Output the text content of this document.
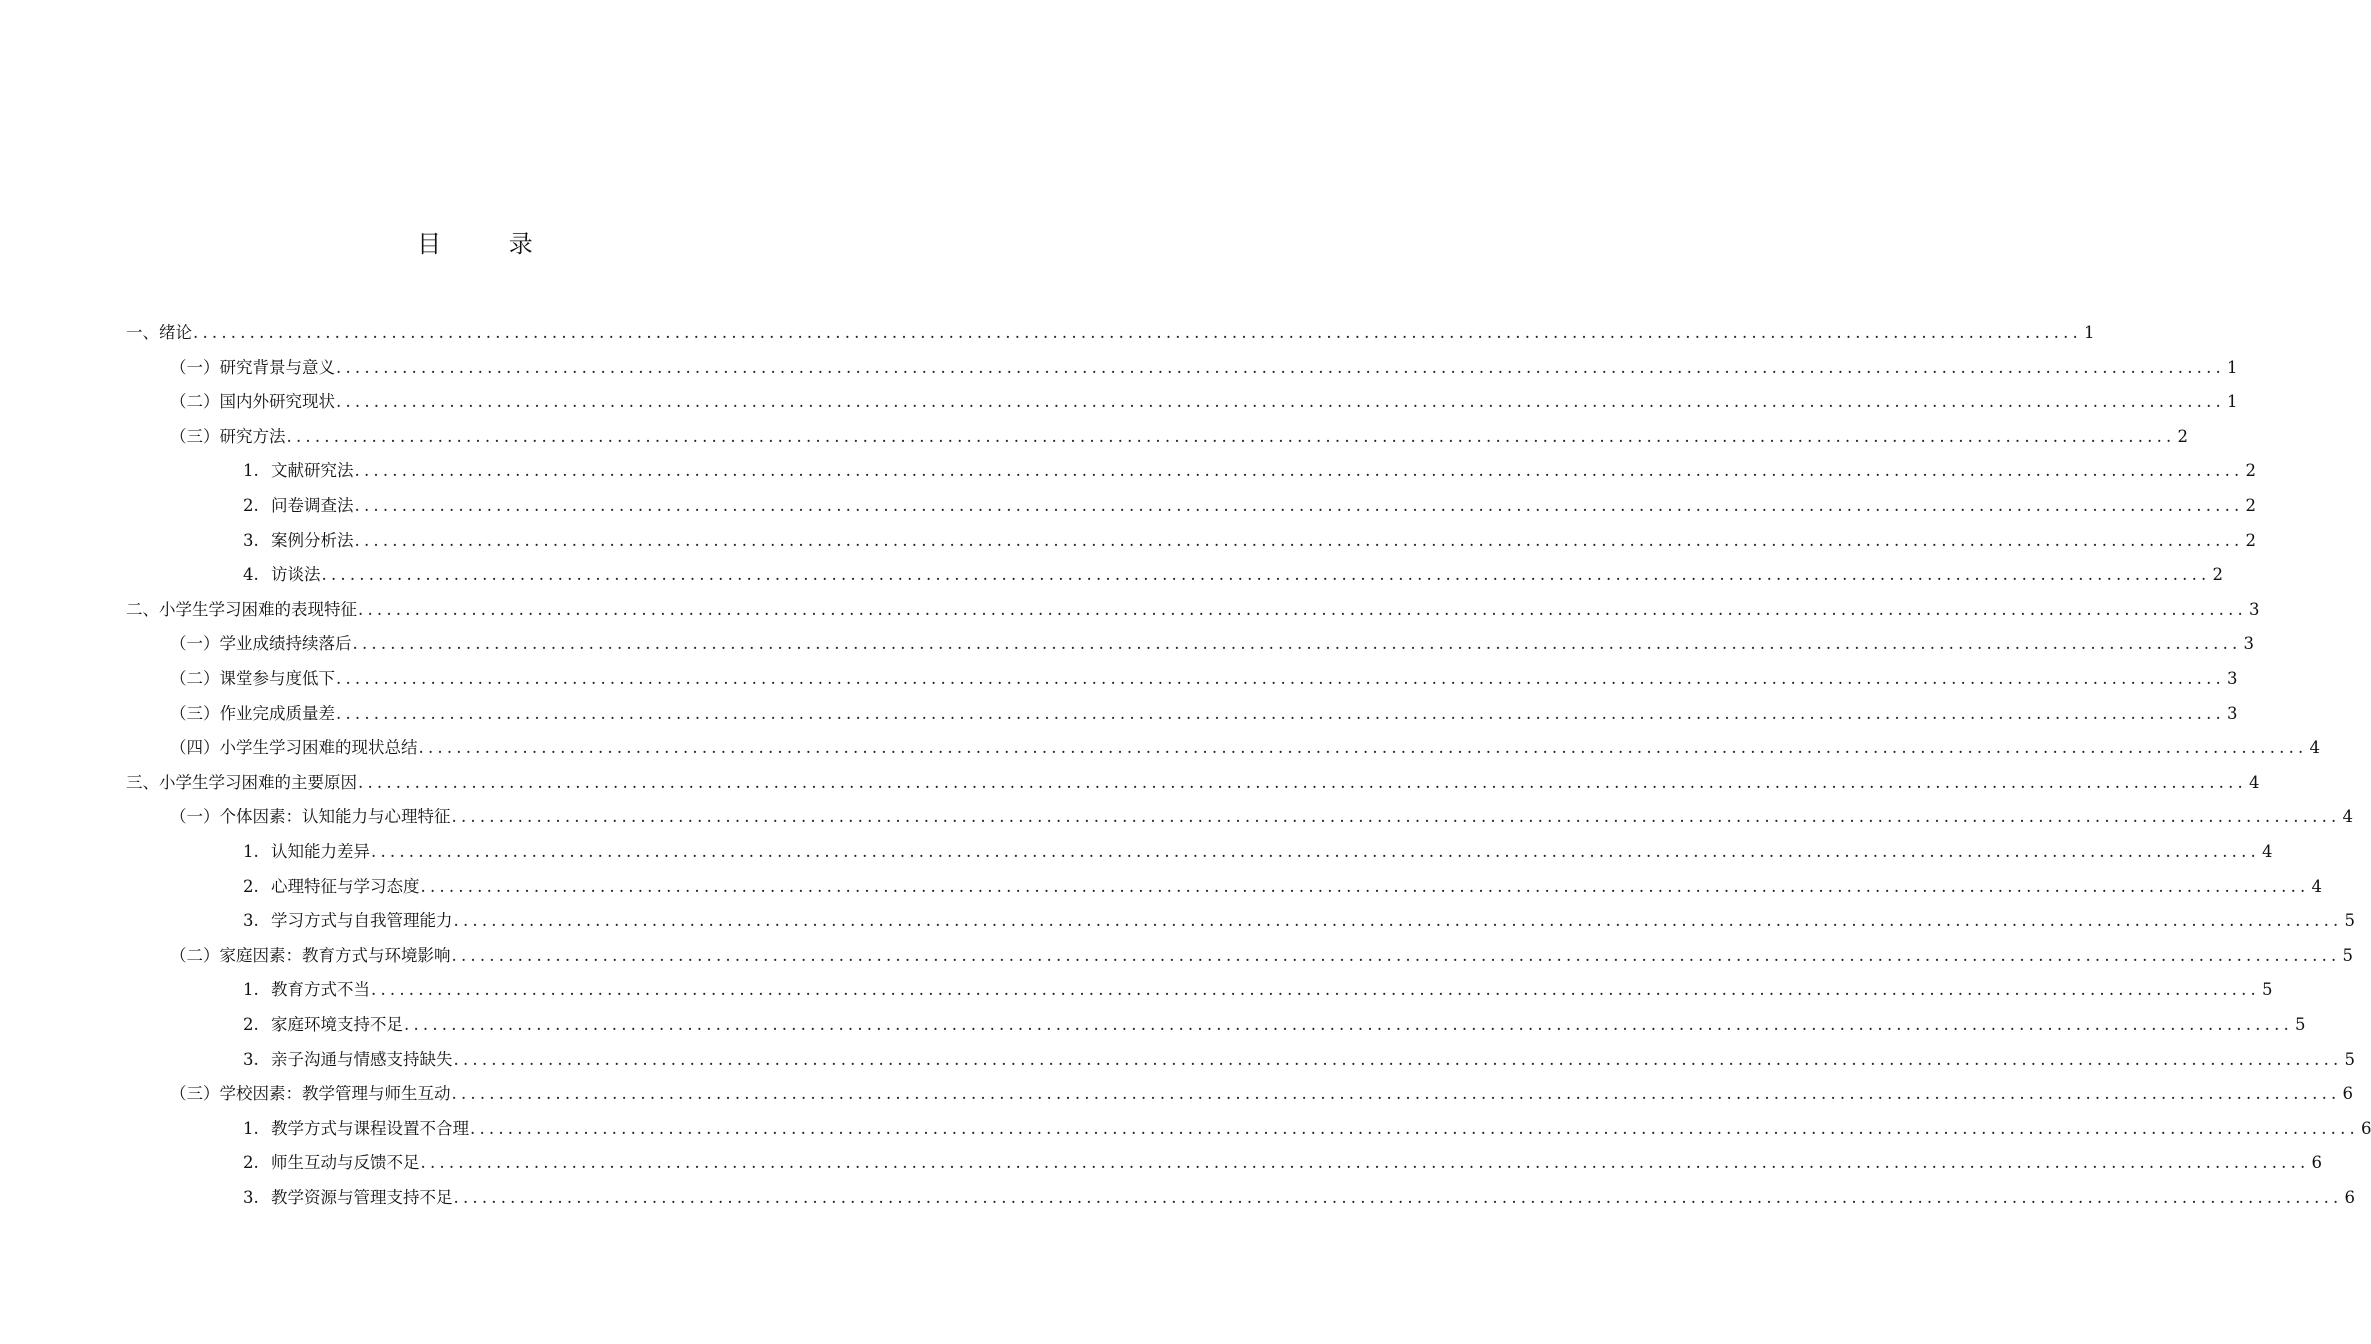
目 录
一、绪论 ........................................................................................................................................................................................................ 1
（一）研究背景与意义 ........................................................................................................................................................................................................ 1
（二）国内外研究现状 ........................................................................................................................................................................................................ 1
（三）研究方法 ........................................................................................................................................................................................................ 2
1. 文献研究法 ........................................................................................................................................................................................................ 2
2. 问卷调查法 ........................................................................................................................................................................................................ 2
3. 案例分析法 ........................................................................................................................................................................................................ 2
4. 访谈法 ........................................................................................................................................................................................................ 2
二、小学生学习困难的表现特征 ........................................................................................................................................................................................................ 3
（一）学业成绩持续落后 ........................................................................................................................................................................................................ 3
（二）课堂参与度低下 ........................................................................................................................................................................................................ 3
（三）作业完成质量差 ........................................................................................................................................................................................................ 3
（四）小学生学习困难的现状总结 ........................................................................................................................................................................................................ 4
三、小学生学习困难的主要原因 ........................................................................................................................................................................................................ 4
（一）个体因素：认知能力与心理特征 ........................................................................................................................................................................................................ 4
1. 认知能力差异 ........................................................................................................................................................................................................ 4
2. 心理特征与学习态度 ........................................................................................................................................................................................................ 4
3. 学习方式与自我管理能力 ........................................................................................................................................................................................................ 5
（二）家庭因素：教育方式与环境影响 ........................................................................................................................................................................................................ 5
1. 教育方式不当 ........................................................................................................................................................................................................ 5
2. 家庭环境支持不足 ........................................................................................................................................................................................................ 5
3. 亲子沟通与情感支持缺失 ........................................................................................................................................................................................................ 5
（三）学校因素：教学管理与师生互动 ........................................................................................................................................................................................................ 6
1. 教学方式与课程设置不合理 ........................................................................................................................................................................................................ 6
2. 师生互动与反馈不足 ........................................................................................................................................................................................................ 6
3. 教学资源与管理支持不足 ........................................................................................................................................................................................................ 6
